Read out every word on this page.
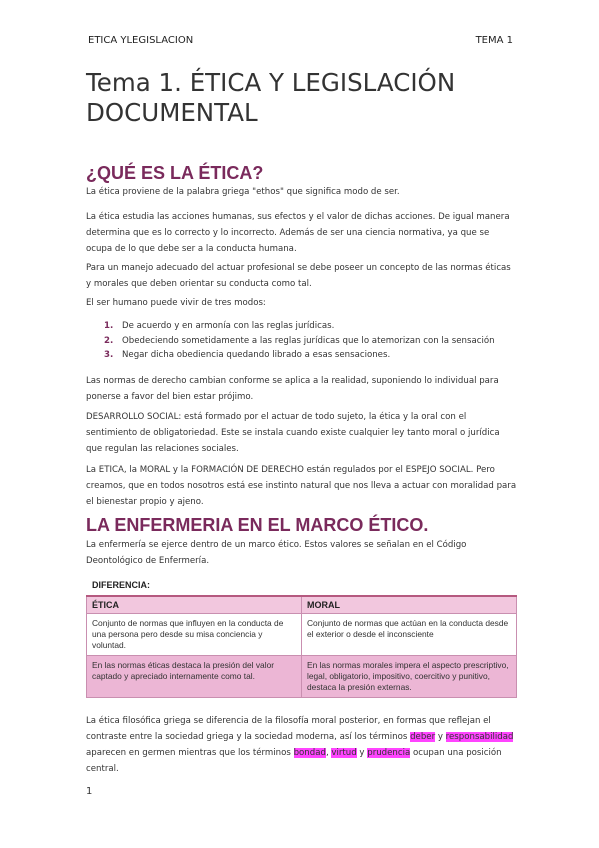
ETICA YLEGISLACION	TEMA 1
Tema 1. ÉTICA Y LEGISLACIÓN DOCUMENTAL
¿QUÉ ES LA ÉTICA?
La ética proviene de la palabra griega "ethos" que significa modo de ser.
La ética estudia las acciones humanas, sus efectos y el valor de dichas acciones. De igual manera determina que es lo correcto y lo incorrecto. Además de ser una ciencia normativa, ya que se ocupa de lo que debe ser a la conducta humana.
Para un manejo adecuado del actuar profesional se debe poseer un concepto de las normas éticas y morales que deben orientar su conducta como tal.
El ser humano puede vivir de tres modos:
1. De acuerdo y en armonía con las reglas jurídicas.
2. Obedeciendo sometidamente a las reglas jurídicas que lo atemorizan con la sensación
3. Negar dicha obediencia quedando librado a esas sensaciones.
Las normas de derecho cambian conforme se aplica a la realidad, suponiendo lo individual para ponerse a favor del bien estar prójimo.
DESARROLLO SOCIAL: está formado por el actuar de todo sujeto, la ética y la oral con el sentimiento de obligatoriedad. Este se instala cuando existe cualquier ley tanto moral o jurídica que regulan las relaciones sociales.
La ETICA, la MORAL y la FORMACIÓN DE DERECHO están regulados por el ESPEJO SOCIAL. Pero creamos, que en todos nosotros está ese instinto natural que nos lleva a actuar con moralidad para el bienestar propio y ajeno.
LA ENFERMERIA EN EL MARCO ÉTICO.
La enfermería se ejerce dentro de un marco ético. Estos valores se señalan en el Código Deontológico de Enfermería.
DIFERENCIA:
ÉTICA	MORAL
Conjunto de normas que influyen en la conducta de una persona pero desde su misa conciencia y voluntad.	Conjunto de normas que actúan en la conducta desde el exterior o desde el inconsciente
En las normas éticas destaca la presión del valor captado y apreciado internamente como tal.	En las normas morales impera el aspecto prescriptivo, legal, obligatorio, impositivo, coercitivo y punitivo, destaca la presión externas.
La ética filosófica griega se diferencia de la filosofía moral posterior, en formas que reflejan el contraste entre la sociedad griega y la sociedad moderna, así los términos deber y responsabilidad aparecen en germen mientras que los términos bondad, virtud y prudencia ocupan una posición central.
1
